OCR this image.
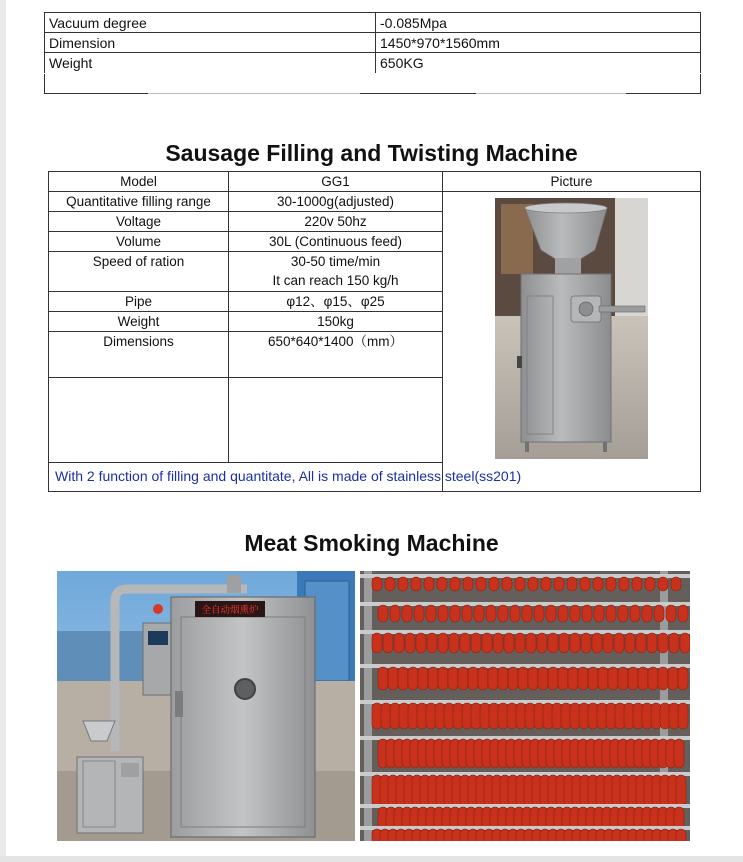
Vacuum degree	-0.085Mpa
Dimension	1450*970*1560mm
Weight	650KG
Sausage Filling and Twisting Machine
Model	GG1	Picture
Quantitative filling range	30-1000g(adjusted)	

Voltage	220v 50hz	
Volume	30L (Continuous feed)	
Speed of ration	30-50 time/min
It can reach 150 kg/h	

Pipe	φ12、φ15、φ25	
Weight	150kg	
Dimensions	650*640*1400（mm）	

With 2 function of filling and quantitate, All is made of stainless steel(ss201)		
Meat Smoking Machine
全自动烟熏炉
